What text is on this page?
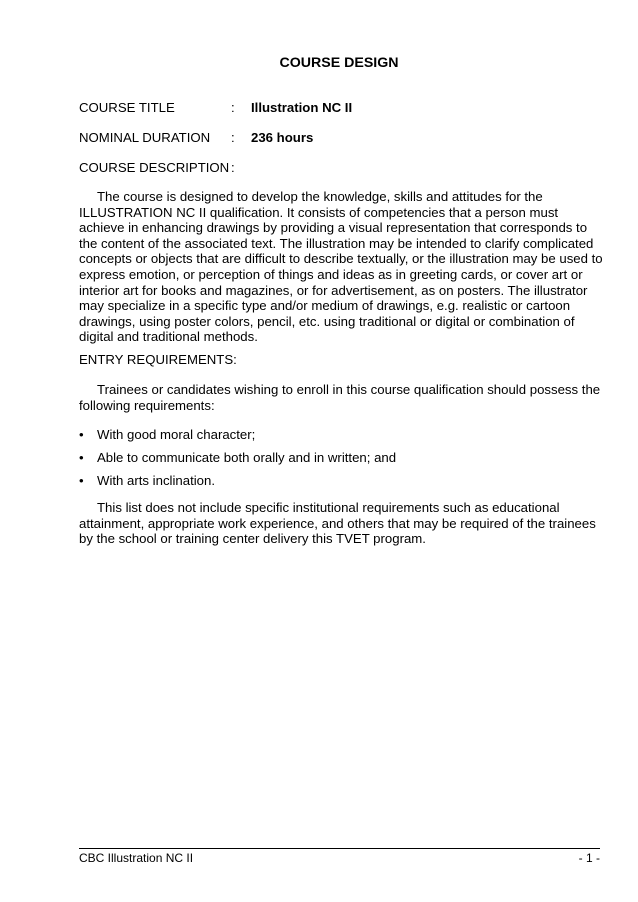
COURSE DESIGN
COURSE TITLE	: Illustration NC II
NOMINAL DURATION : 236 hours
COURSE DESCRIPTION :

The course is designed to develop the knowledge, skills and attitudes for the ILLUSTRATION NC II qualification. It consists of competencies that a person must achieve in enhancing drawings by providing a visual representation that corresponds to the content of the associated text. The illustration may be intended to clarify complicated concepts or objects that are difficult to describe textually, or the illustration may be used to express emotion, or perception of things and ideas as in greeting cards, or cover art or interior art for books and magazines, or for advertisement, as on posters. The illustrator may specialize in a specific type and/or medium of drawings, e.g. realistic or cartoon drawings, using poster colors, pencil, etc. using traditional or digital or combination of digital and traditional methods.

ENTRY REQUIREMENTS:

Trainees or candidates wishing to enroll in this course qualification should possess the following requirements:

• With good moral character;
• Able to communicate both orally and in written; and
• With arts inclination.

This list does not include specific institutional requirements such as educational attainment, appropriate work experience, and others that may be required of the trainees by the school or training center delivery this TVET program.

CBC Illustration NC II	- 1 -
